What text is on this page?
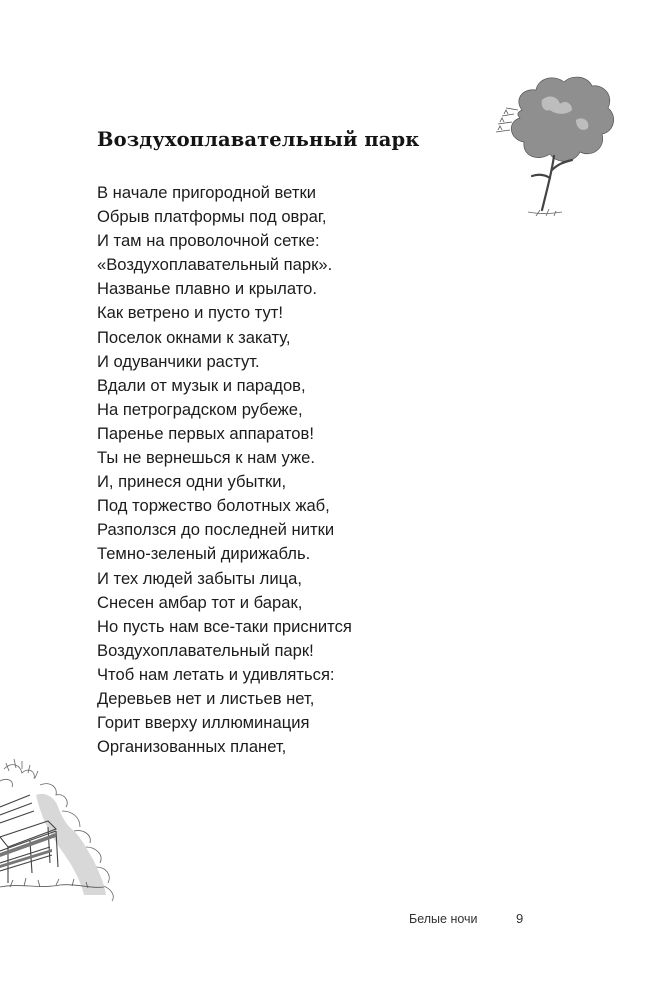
Воздухоплавательный парк
В начале пригородной ветки
Обрыв платформы под овраг,
И там на проволочной сетке:
«Воздухоплавательный парк».
Названье плавно и крылато.
Как ветрено и пусто тут!
Поселок окнами к закату,
И одуванчики растут.
Вдали от музык и парадов,
На петроградском рубеже,
Паренье первых аппаратов!
Ты не вернешься к нам уже.
И, принеся одни убытки,
Под торжество болотных жаб,
Разползся до последней нитки
Темно-зеленый дирижабль.
И тех людей забыты лица,
Снесен амбар тот и барак,
Но пусть нам все-таки приснится
Воздухоплавательный парк!
Чтоб нам летать и удивляться:
Деревьев нет и листьев нет,
Горит вверху иллюминация
Организованных планет,
Белые ночи	9
